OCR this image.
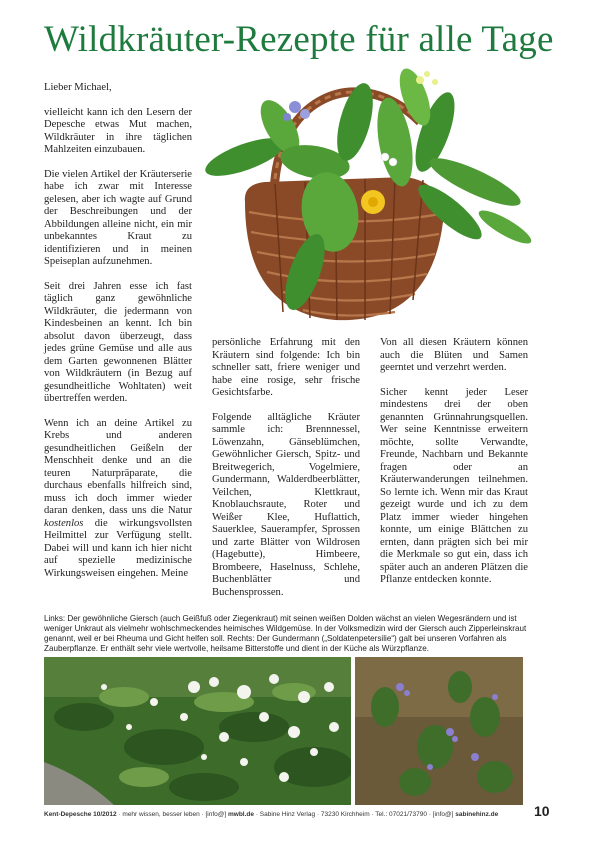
Wildkräuter-Rezepte für alle Tage

Lieber Michael,

vielleicht kann ich den Lesern der Depesche etwas Mut machen, Wildkräuter in ihre täglichen Mahlzeiten einzubauen.

Die vielen Artikel der Kräuterserie habe ich zwar mit Interesse gelesen, aber ich wagte auf Grund der Beschreibungen und der Abbildungen alleine nicht, ein mir unbekanntes Kraut zu identifizieren und in meinen Speiseplan aufzunehmen.

Seit drei Jahren esse ich fast täglich ganz gewöhnliche Wildkräuter, die jedermann von Kindesbeinen an kennt. Ich bin absolut davon überzeugt, dass jedes grüne Gemüse und alle aus dem Garten gewonnenen Blätter von Wildkräutern (in Bezug auf gesundheitliche Wohltaten) weit übertreffen werden.

Wenn ich an deine Artikel zu Krebs und anderen gesundheitlichen Geißeln der Menschheit denke und an die teuren Naturpräparate, die durchaus ebenfalls hilfreich sind, muss ich doch immer wieder daran denken, dass uns die Natur kostenlos die wirkungsvollsten Heilmittel zur Verfügung stellt. Dabei will und kann ich hier nicht auf spezielle medizinische Wirkungsweisen eingehen. Meine

persönliche Erfahrung mit den Kräutern sind folgende: Ich bin schneller satt, friere weniger und habe eine rosige, sehr frische Gesichtsfarbe.

Folgende alltägliche Kräuter sammle ich: Brennnessel, Löwenzahn, Gänseblümchen, Gewöhnlicher Giersch, Spitz- und Breitwegerich, Vogelmiere, Gundermann, Walderdbeerblätter, Veilchen, Klettkraut, Knoblauchsraute, Roter und Weißer Klee, Huflattich, Sauerklee, Sauerampfer, Sprossen und zarte Blätter von Wildrosen (Hagebutte), Himbeere, Brombeere, Haselnuss, Schlehe, Buchenblätter und Buchensprossen.

Von all diesen Kräutern können auch die Blüten und Samen geerntet und verzehrt werden.

Sicher kennt jeder Leser mindestens drei der oben genannten Grünnahrungsquellen. Wer seine Kenntnisse erweitern möchte, sollte Verwandte, Freunde, Nachbarn und Bekannte fragen oder an Kräuterwanderungen teilnehmen. So lernte ich. Wenn mir das Kraut gezeigt wurde und ich zu dem Platz immer wieder hingehen konnte, um einige Blättchen zu ernten, dann prägten sich bei mir die Merkmale so gut ein, dass ich später auch an anderen Plätzen die Pflanze entdecken konnte.

Links: Der gewöhnliche Giersch (auch Geißfuß oder Ziegenkraut) mit seinen weißen Dolden wächst an vielen Wegesrändern und ist weniger Unkraut als vielmehr wohlschmeckendes heimisches Wildgemüse. In der Volksmedizin wird der Giersch auch Zipperleinskraut genannt, weil er bei Rheuma und Gicht helfen soll. Rechts: Der Gundermann („Soldatenpetersilie“) galt bei unseren Vorfahren als Zauberpflanze. Er enthält sehr viele wertvolle, heilsame Bitterstoffe und dient in der Küche als Würzpflanze.
Kent-Depesche 10/2012 · mehr wissen, besser leben · [info@] mwbl.de · Sabine Hinz Verlag · 73230 Kirchheim · Tel.: 07021/73790 · [info@] sabinehinz.de	10
